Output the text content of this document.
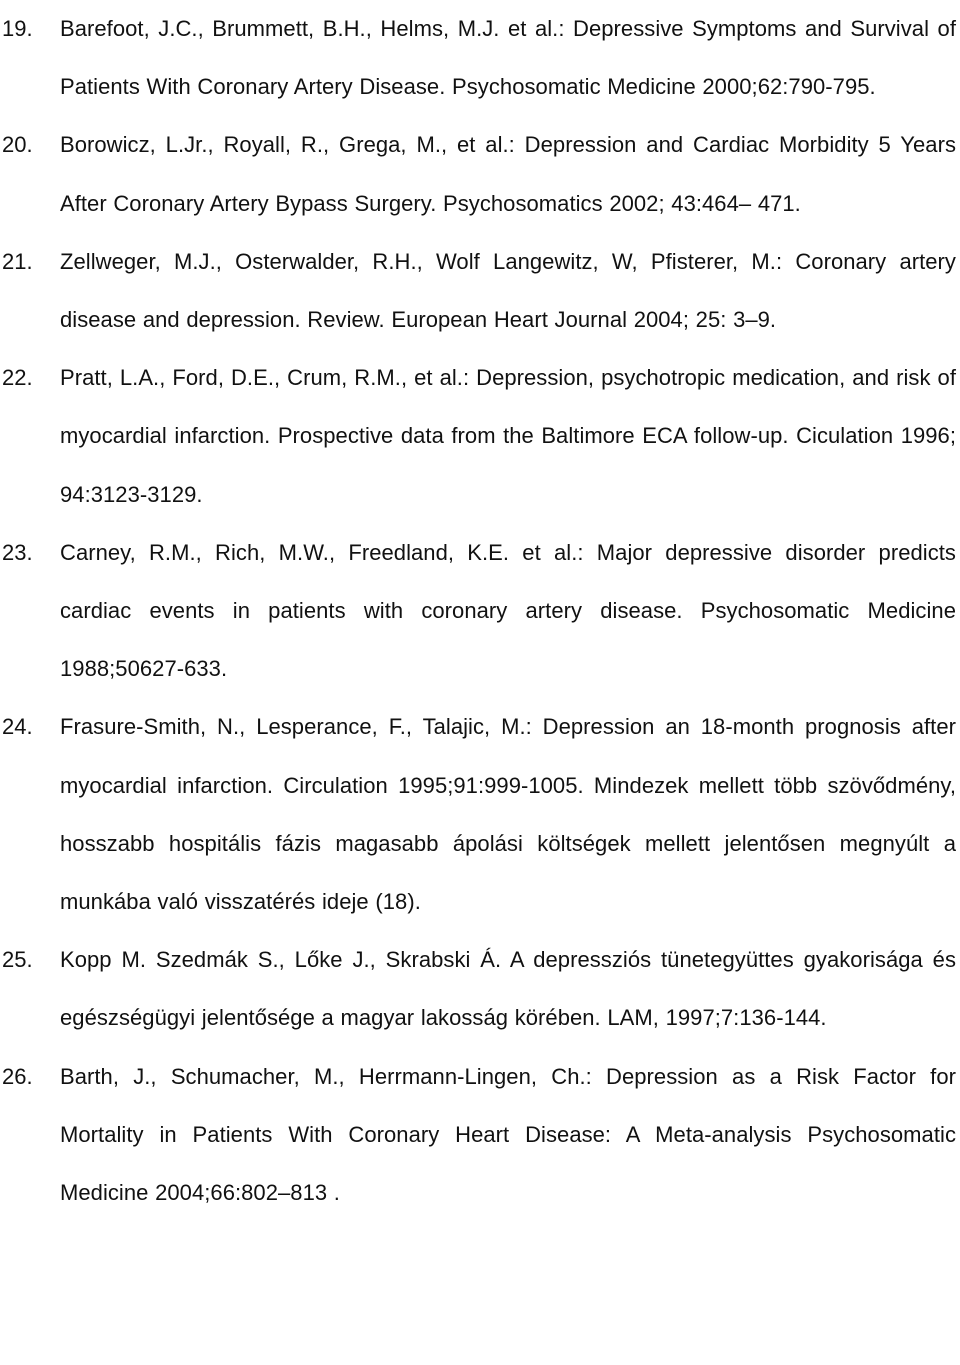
19. Barefoot, J.C., Brummett, B.H., Helms, M.J. et al.: Depressive Symptoms and Survival of Patients With Coronary Artery Disease. Psychosomatic Medicine 2000;62:790-795.

20. Borowicz, L.Jr., Royall, R., Grega, M., et al.: Depression and Cardiac Morbidity 5 Years After Coronary Artery Bypass Surgery. Psychosomatics 2002; 43:464– 471.

21. Zellweger, M.J., Osterwalder, R.H., Wolf Langewitz, W, Pfisterer, M.: Coronary artery disease and depression. Review. European Heart Journal 2004; 25: 3–9.

22. Pratt, L.A., Ford, D.E., Crum, R.M., et al.: Depression, psychotropic medication, and risk of myocardial infarction. Prospective data from the Baltimore ECA follow-up. Ciculation 1996; 94:3123-3129.

23. Carney, R.M., Rich, M.W., Freedland, K.E. et al.: Major depressive disorder predicts cardiac events in patients with coronary artery disease. Psychosomatic Medicine 1988;50627-633.

24. Frasure-Smith, N., Lesperance, F., Talajic, M.: Depression an 18-month prognosis after myocardial infarction. Circulation 1995;91:999-1005. Mindezek mellett több szövődmény, hosszabb hospitális fázis magasabb ápolási költségek mellett jelentősen megnyúlt a munkába való visszatérés ideje (18).

25. Kopp M. Szedmák S., Lőke J., Skrabski Á. A depressziós tünetegyüttes gyakorisága és egészségügyi jelentősége a magyar lakosság körében. LAM, 1997;7:136-144.

26. Barth, J., Schumacher, M., Herrmann-Lingen, Ch.: Depression as a Risk Factor for Mortality in Patients With Coronary Heart Disease: A Meta-analysis Psychosomatic Medicine 2004;66:802–813 .
